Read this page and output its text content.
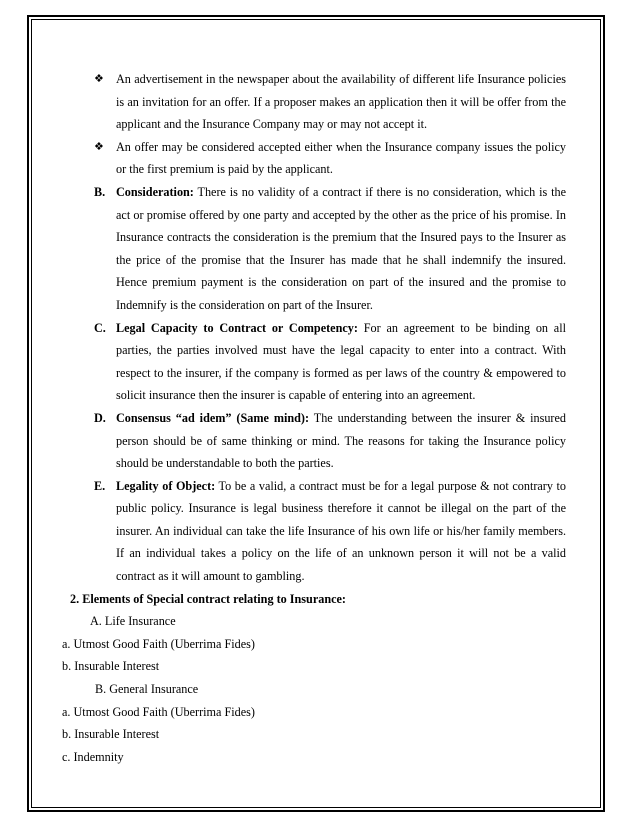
❖ An advertisement in the newspaper about the availability of different life Insurance policies is an invitation for an offer. If a proposer makes an application then it will be offer from the applicant and the Insurance Company may or may not accept it.
❖ An offer may be considered accepted either when the Insurance company issues the policy or the first premium is paid by the applicant.
B. Consideration: There is no validity of a contract if there is no consideration, which is the act or promise offered by one party and accepted by the other as the price of his promise. In Insurance contracts the consideration is the premium that the Insured pays to the Insurer as the price of the promise that the Insurer has made that he shall indemnify the insured. Hence premium payment is the consideration on part of the insured and the promise to Indemnify is the consideration on part of the Insurer.
C. Legal Capacity to Contract or Competency: For an agreement to be binding on all parties, the parties involved must have the legal capacity to enter into a contract. With respect to the insurer, if the company is formed as per laws of the country & empowered to solicit insurance then the insurer is capable of entering into an agreement.
D. Consensus “ad idem” (Same mind): The understanding between the insurer & insured person should be of same thinking or mind. The reasons for taking the Insurance policy should be understandable to both the parties.
E. Legality of Object: To be a valid, a contract must be for a legal purpose & not contrary to public policy. Insurance is legal business therefore it cannot be illegal on the part of the insurer. An individual can take the life Insurance of his own life or his/her family members. If an individual takes a policy on the life of an unknown person it will not be a valid contract as it will amount to gambling.
2. Elements of Special contract relating to Insurance:
A. Life Insurance
a. Utmost Good Faith (Uberrima Fides)
b. Insurable Interest
B. General Insurance
a. Utmost Good Faith (Uberrima Fides)
b. Insurable Interest
c. Indemnity
